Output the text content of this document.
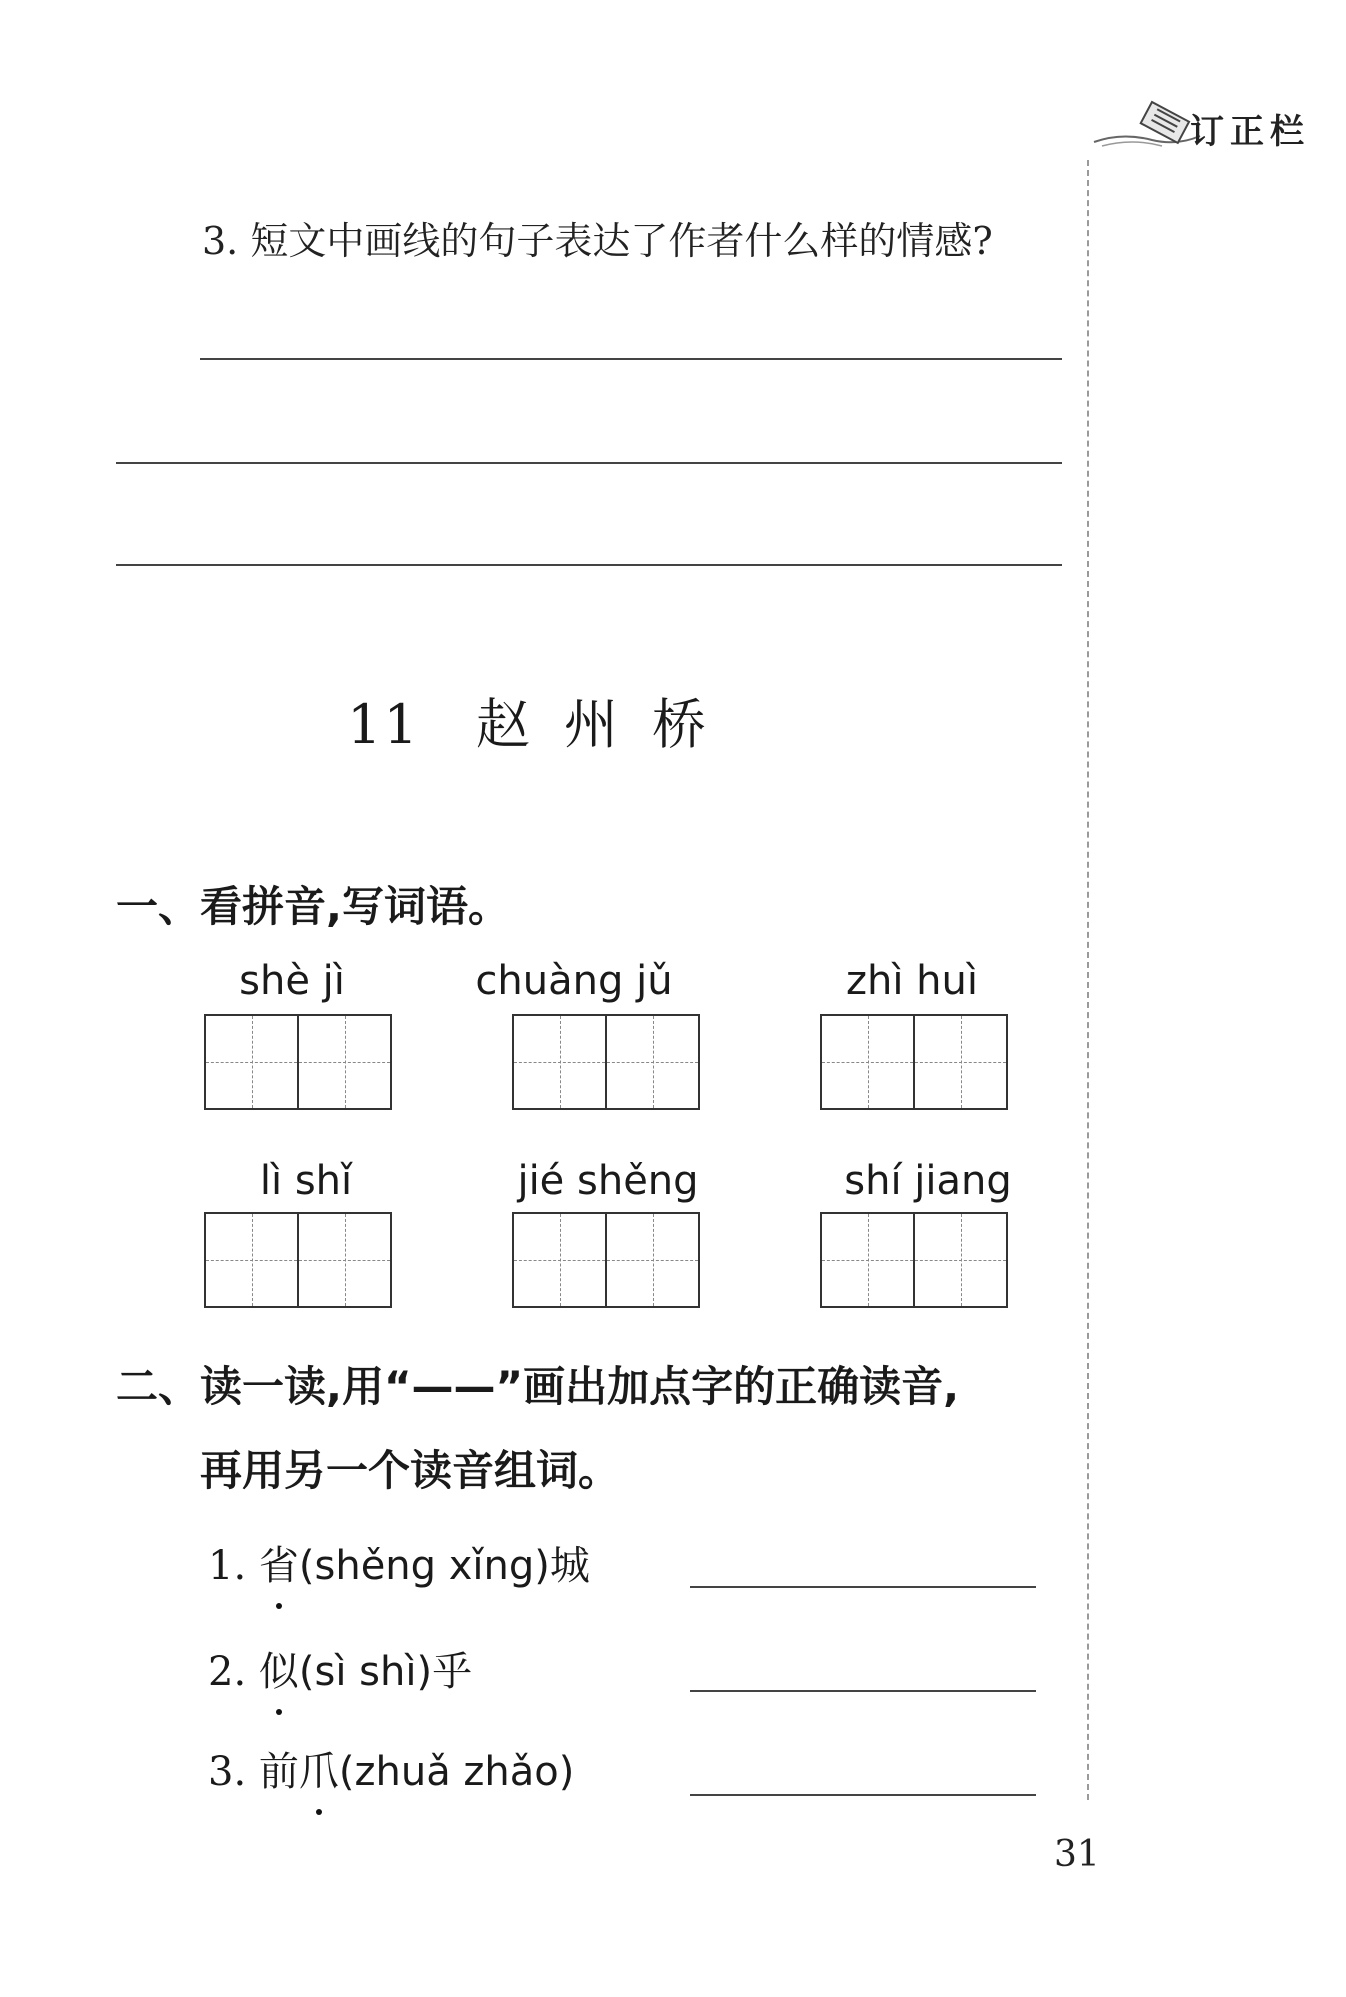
订正栏
3. 短文中画线的句子表达了作者什么样的情感?
11 赵州桥
一、看拼音,写词语。
shè jì	chuàng jǔ	zhì huì
lì shǐ	jié shěng	shí jiang
二、读一读,用“——”画出加点字的正确读音,
再用另一个读音组词。
1. 省(shěng xǐng)城
2. 似(sì shì)乎
3. 前爪(zhuǎ zhǎo)
31
